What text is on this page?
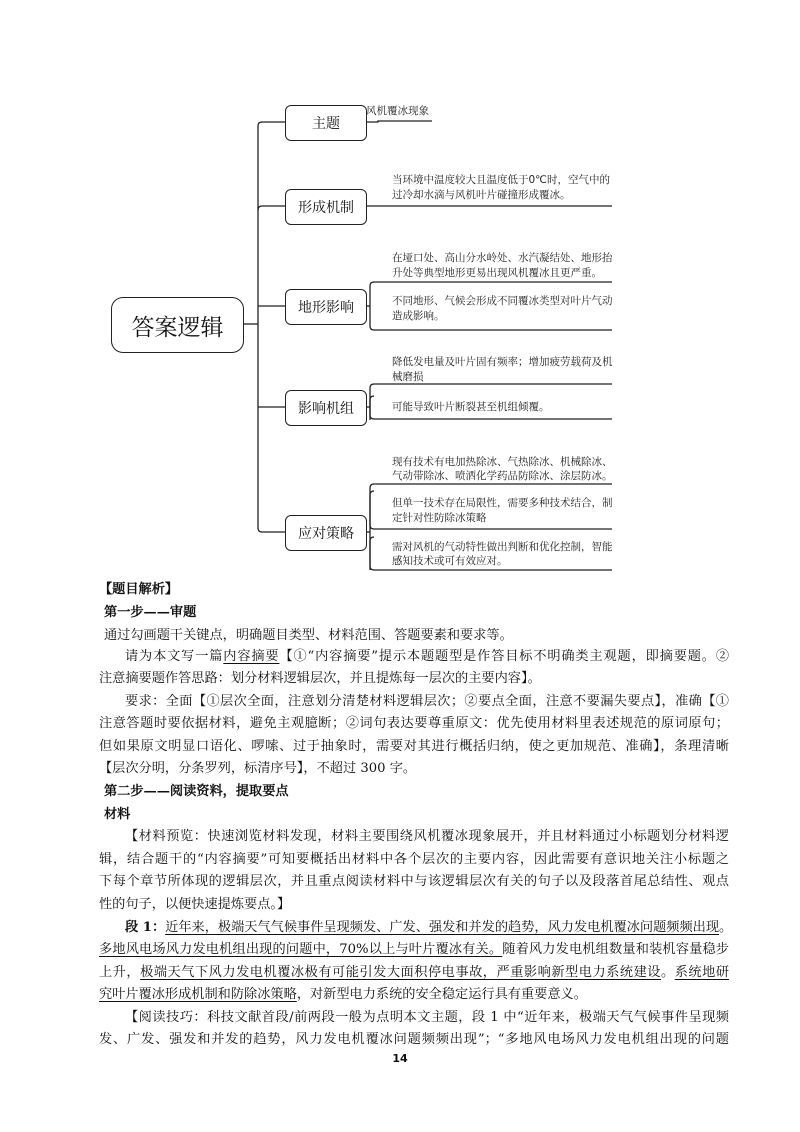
答案逻辑
主题
形成机制
地形影响
影响机组
应对策略
风机覆冰现象
当环境中温度较大且温度低于0℃时，空气中的
过冷却水滴与风机叶片碰撞形成覆冰。
在垭口处、高山分水岭处、水汽凝结处、地形抬
升处等典型地形更易出现风机覆冰且更严重。
不同地形、气候会形成不同覆冰类型对叶片气动
造成影响。
降低发电量及叶片固有频率；增加疲劳载荷及机
械磨损
可能导致叶片断裂甚至机组倾覆。
现有技术有电加热除冰、气热除冰、机械除冰、
气动带除冰、喷洒化学药品防除冰、涂层防冰。
但单一技术存在局限性，需要多种技术结合，制
定针对性防除冰策略
需对风机的气动特性做出判断和优化控制，智能
感知技术或可有效应对。
【题目解析】
第一步——审题
通过勾画题干关键点，明确题目类型、材料范围、答题要素和要求等。
请为本文写一篇内容摘要【①“内容摘要”提示本题题型是作答目标不明确类主观题，即摘要题。②
注意摘要题作答思路：划分材料逻辑层次，并且提炼每一层次的主要内容】。
要求：全面【①层次全面，注意划分清楚材料逻辑层次；②要点全面，注意不要漏失要点】，准确【①
注意答题时要依据材料，避免主观臆断；②词句表达要尊重原文：优先使用材料里表述规范的原词原句；
但如果原文明显口语化、啰嗦、过于抽象时，需要对其进行概括归纳，使之更加规范、准确】，条理清晰
【层次分明，分条罗列，标清序号】，不超过 300 字。
第二步——阅读资料，提取要点
材料
【材料预览：快速浏览材料发现，材料主要围绕风机覆冰现象展开，并且材料通过小标题划分材料逻
辑，结合题干的“内容摘要”可知要概括出材料中各个层次的主要内容，因此需要有意识地关注小标题之
下每个章节所体现的逻辑层次，并且重点阅读材料中与该逻辑层次有关的句子以及段落首尾总结性、观点
性的句子，以便快速提炼要点。】
段 1：近年来，极端天气气候事件呈现频发、广发、强发和并发的趋势，风力发电机覆冰问题频频出现。
多地风电场风力发电机组出现的问题中，70%以上与叶片覆冰有关。随着风力发电机组数量和装机容量稳步
上升，极端天气下风力发电机覆冰极有可能引发大面积停电事故，严重影响新型电力系统建设。系统地研
究叶片覆冰形成机制和防除冰策略，对新型电力系统的安全稳定运行具有重要意义。
【阅读技巧：科技文献首段/前两段一般为点明本文主题，段 1 中“近年来，极端天气气候事件呈现频
发、广发、强发和并发的趋势，风力发电机覆冰问题频频出现”；“多地风电场风力发电机组出现的问题
14
